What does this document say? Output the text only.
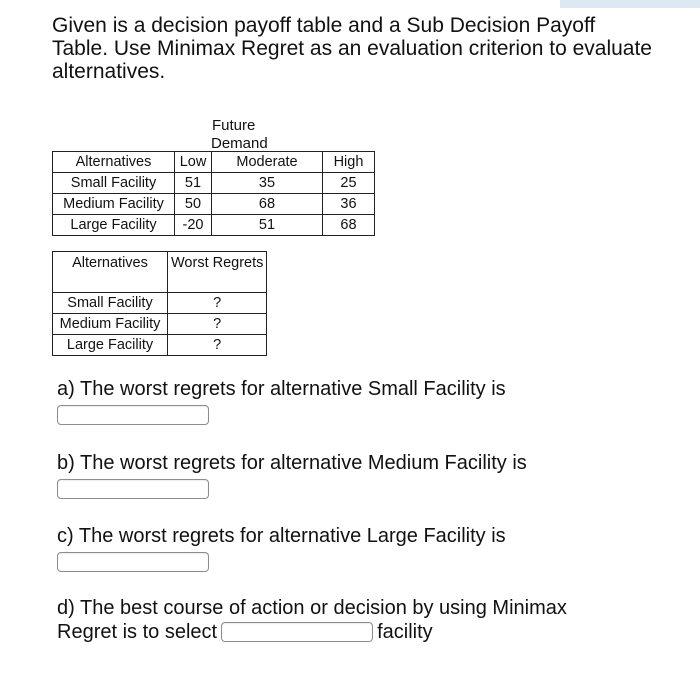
Given is a decision payoff table and a Sub Decision Payoff Table. Use Minimax Regret as an evaluation criterion to evaluate alternatives.
Future
Demand
Alternatives	Low	Moderate	High
Small Facility	51	35	25
Medium Facility	50	68	36
Large Facility	-20	51	68
Alternatives	Worst Regrets
Small Facility	?
Medium Facility	?
Large Facility	?
a) The worst regrets for alternative Small Facility is
b) The worst regrets for alternative Medium Facility is
c) The worst regrets for alternative Large Facility is
d) The best course of action or decision by using Minimax
Regret is to select	facility
